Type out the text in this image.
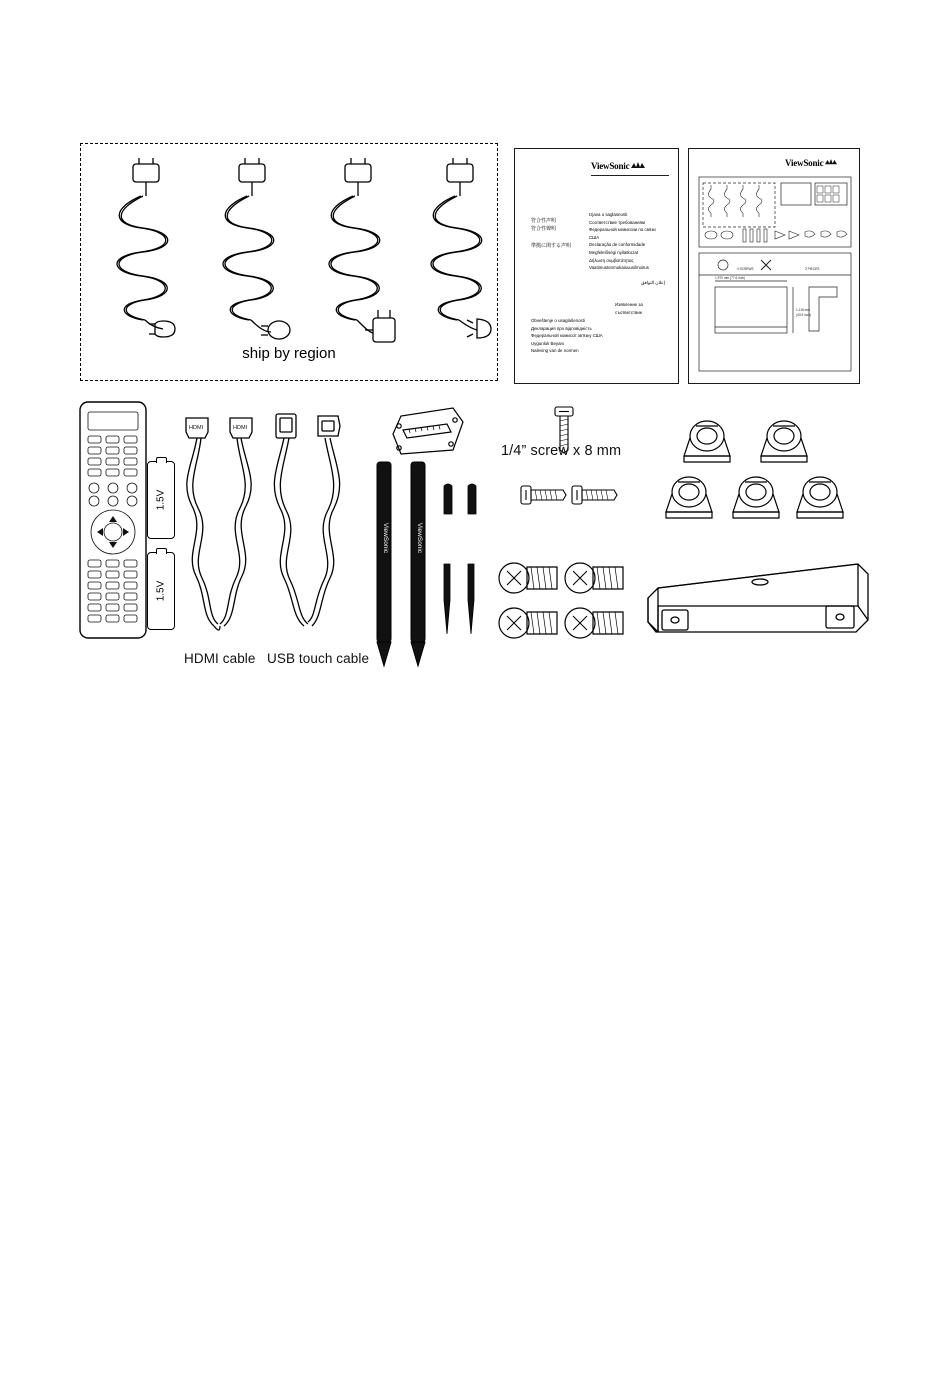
ship by region
ViewSonic
符合性声明
符合性聲明
準拠に関する声明
Izjava o sagla​snosti
Соответствие требованиям
Федеральной комиссии по связи США
Declaração de conformidade
Megfelelőségi nyilatkozat
Δήλωση συμβατότητας
Vaatimustenmukaisuusilmoitus
إعلان التوافق
Obveštenje o usaglašenosti
Декларация про відповідність
Федеральной комиссії зв'язку США
Uygunluk Beyanı
Naleving van de normen
Изявление за съответствие
ViewSonic
1,970 mm (77.6 inch)
1,115 mm
(43.9 inch)
4 SCREWS	2 PIECES
1.5V
1.5V
HDMI	HDMI
HDMI cable USB touch cable
ViewSonic	ViewSonic
1/4” screw x 8 mm
